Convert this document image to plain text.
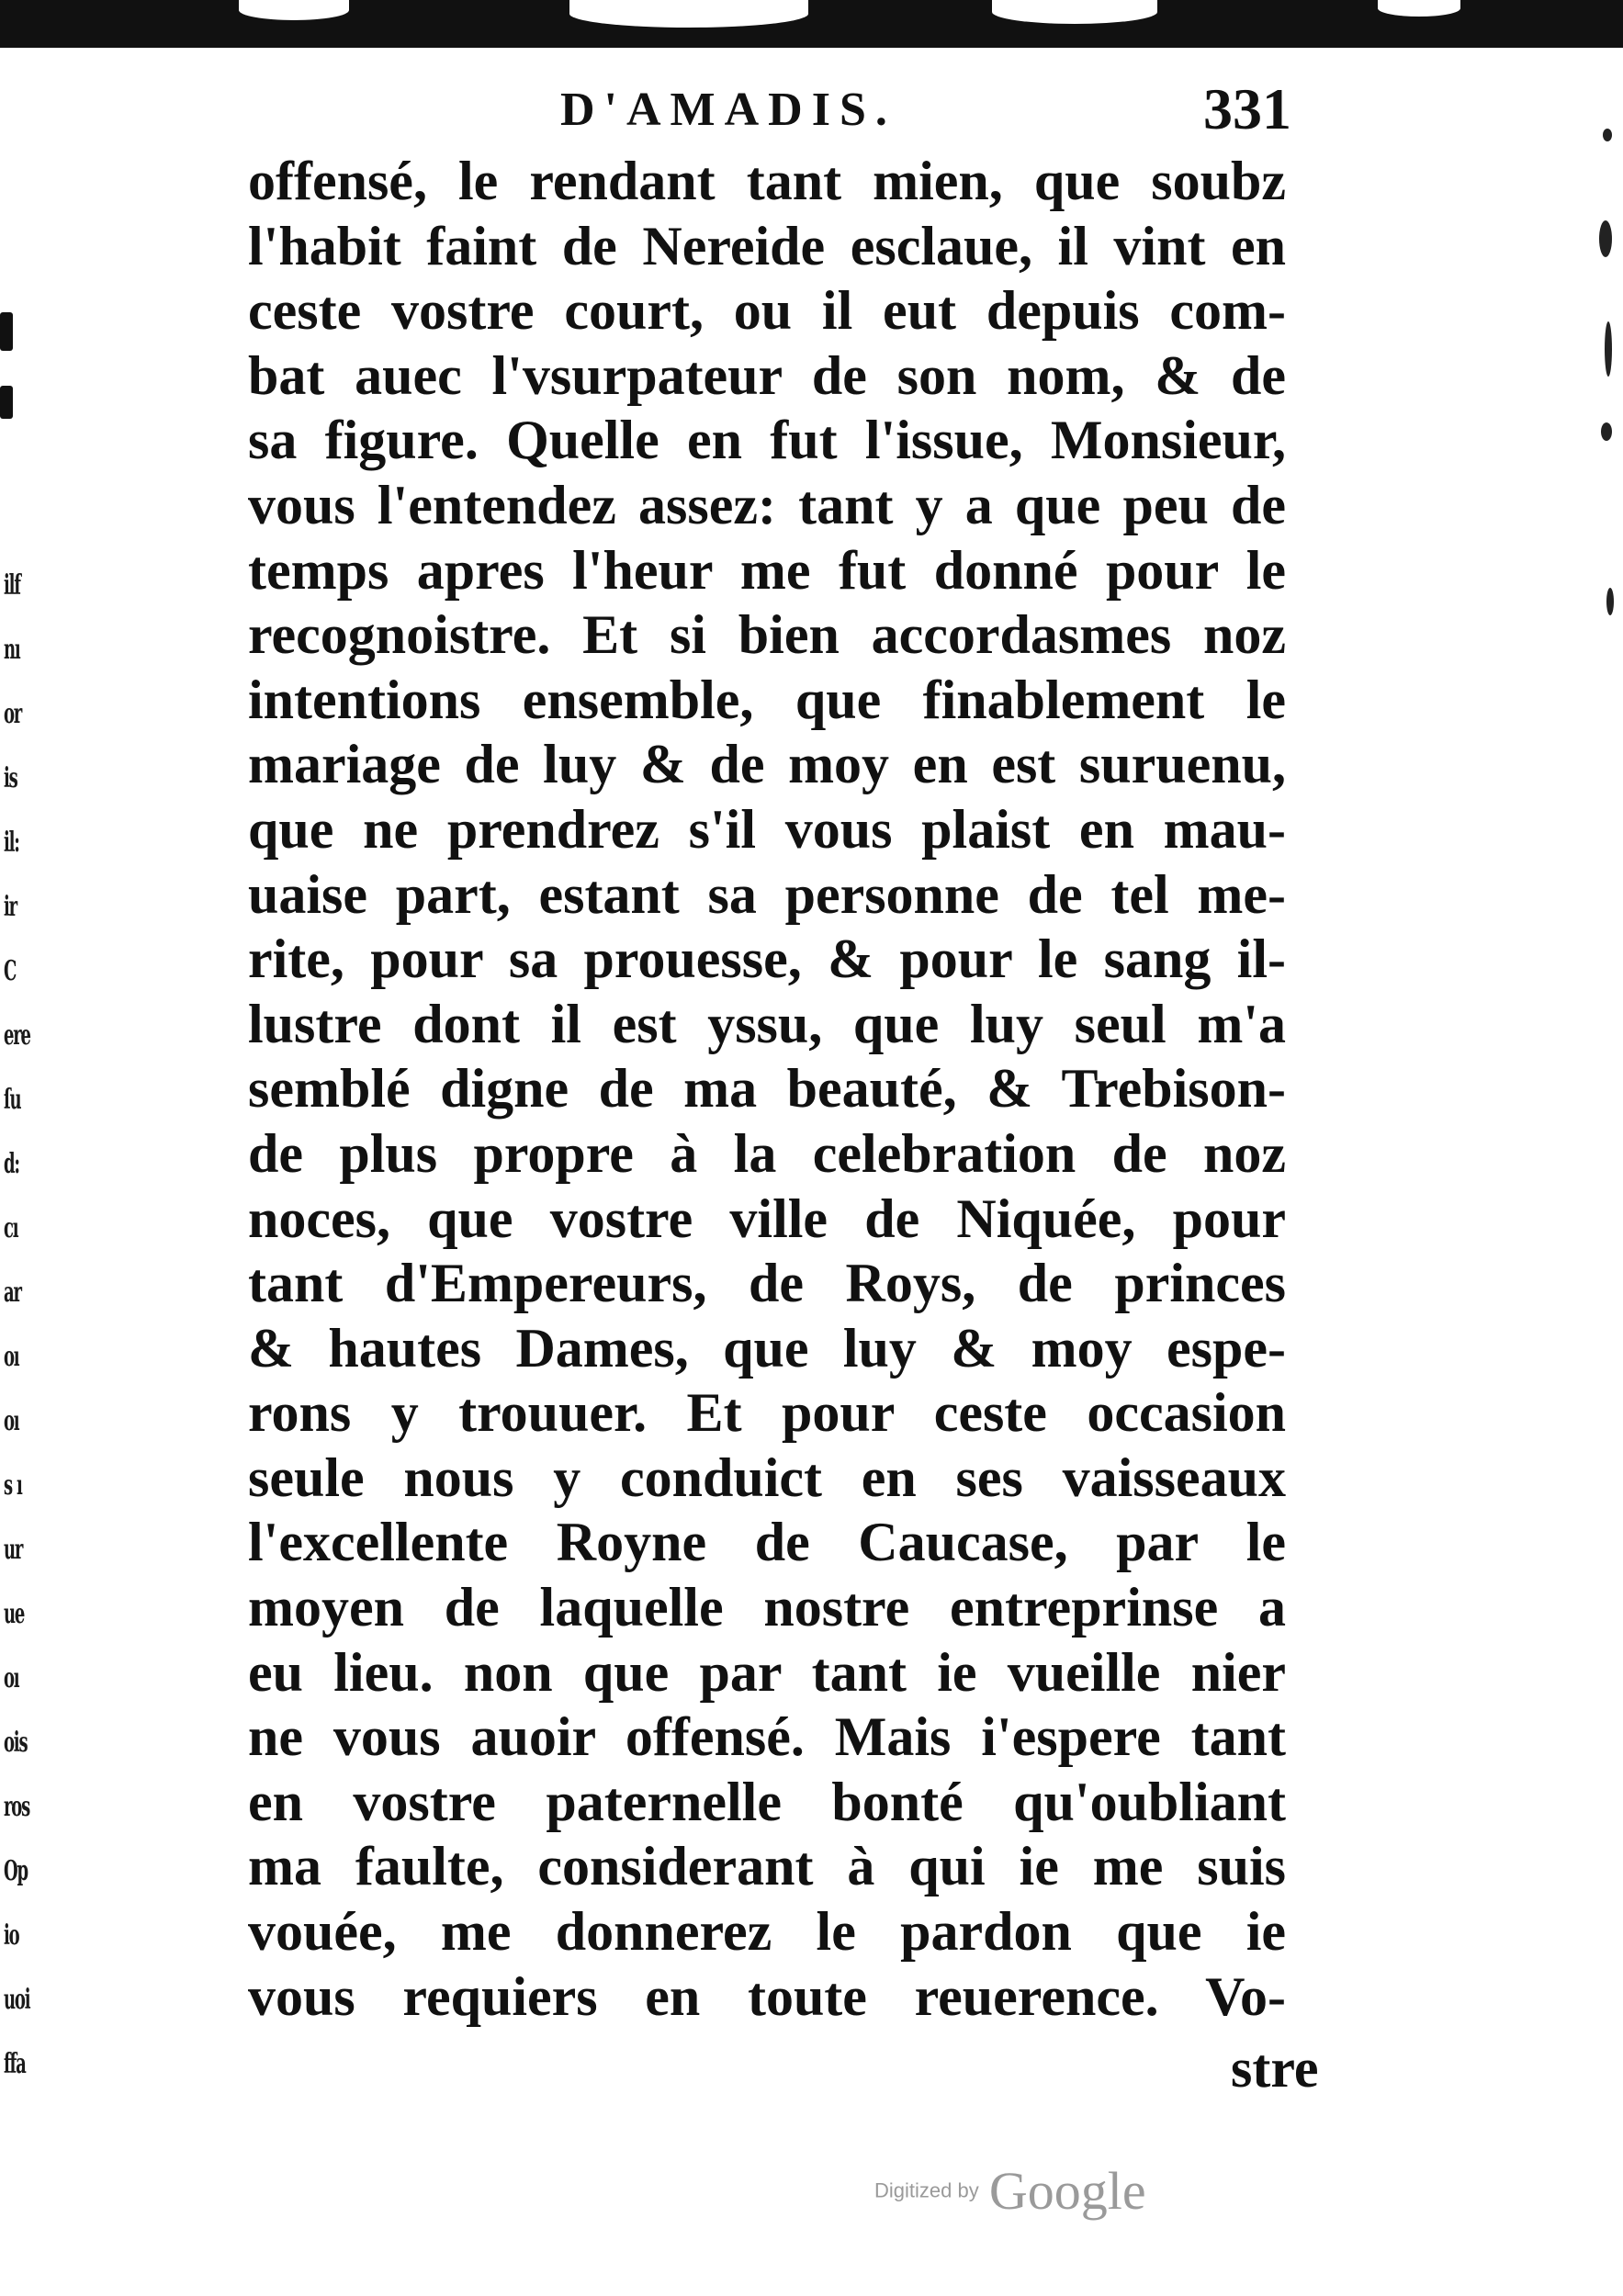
ilf
nı
or
is
il:
ir
C
ere
ſu
d:
cı
ar
oı
oı
s ı
ur
ue
oı
ois
ros
Op
io
uoi
ffa
D'AMADIS.	331
offensé, le rendant tant mien, que soubz
l'habit faint de Nereide esclaue, il vint en
ceste vostre court, ou il eut depuis com-
bat auec l'vsurpateur de son nom, & de
sa figure. Quelle en fut l'issue, Monsieur,
vous l'entendez assez: tant y a que peu de
temps apres l'heur me fut donné pour le
recognoistre. Et si bien accordasmes noz
intentions ensemble, que finablement le
mariage de luy & de moy en est suruenu,
que ne prendrez s'il vous plaist en mau-
uaise part, estant sa personne de tel me-
rite, pour sa prouesse, & pour le sang il-
lustre dont il est yssu, que luy seul m'a
semblé digne de ma beauté, & Trebison-
de plus propre à la celebration de noz
noces, que vostre ville de Niquée, pour
tant d'Empereurs, de Roys, de princes
& hautes Dames, que luy & moy espe-
rons y trouuer. Et pour ceste occasion
seule nous y conduict en ses vaisseaux
l'excellente Royne de Caucase, par le
moyen de laquelle nostre entreprinse a
eu lieu. non que par tant ie vueille nier
ne vous auoir offensé. Mais i'espere tant
en vostre paternelle bonté qu'oubliant
ma faulte, considerant à qui ie me suis
vouée, me donnerez le pardon que ie
vous requiers en toute reuerence. Vo-
stre
Digitized by Google
